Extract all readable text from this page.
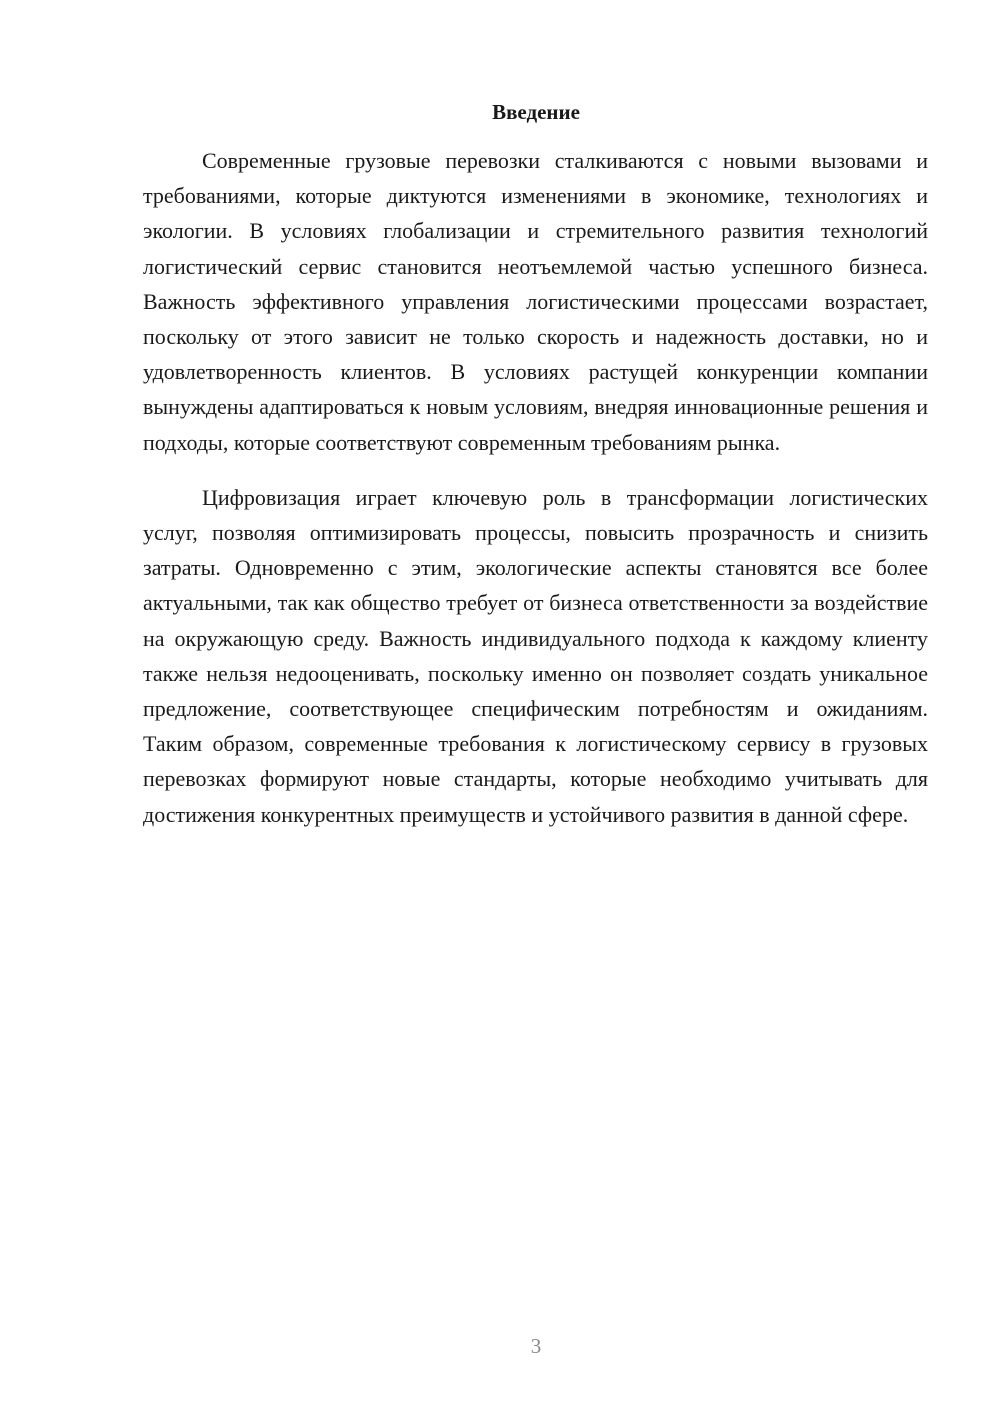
Введение

Современные грузовые перевозки сталкиваются с новыми вызовами и требованиями, которые диктуются изменениями в экономике, технологиях и экологии. В условиях глобализации и стремительного развития технологий логистический сервис становится неотъемлемой частью успешного бизнеса. Важность эффективного управления логистическими процессами возрастает, поскольку от этого зависит не только скорость и надежность доставки, но и удовлетворенность клиентов. В условиях растущей конкуренции компании вынуждены адаптироваться к новым условиям, внедряя инновационные решения и подходы, которые соответствуют современным требованиям рынка.

Цифровизация играет ключевую роль в трансформации логистических услуг, позволяя оптимизировать процессы, повысить прозрачность и снизить затраты. Одновременно с этим, экологические аспекты становятся все более актуальными, так как общество требует от бизнеса ответственности за воздействие на окружающую среду. Важность индивидуального подхода к каждому клиенту также нельзя недооценивать, поскольку именно он позволяет создать уникальное предложение, соответствующее специфическим потребностям и ожиданиям. Таким образом, современные требования к логистическому сервису в грузовых перевозках формируют новые стандарты, которые необходимо учитывать для достижения конкурентных преимуществ и устойчивого развития в данной сфере.

3
